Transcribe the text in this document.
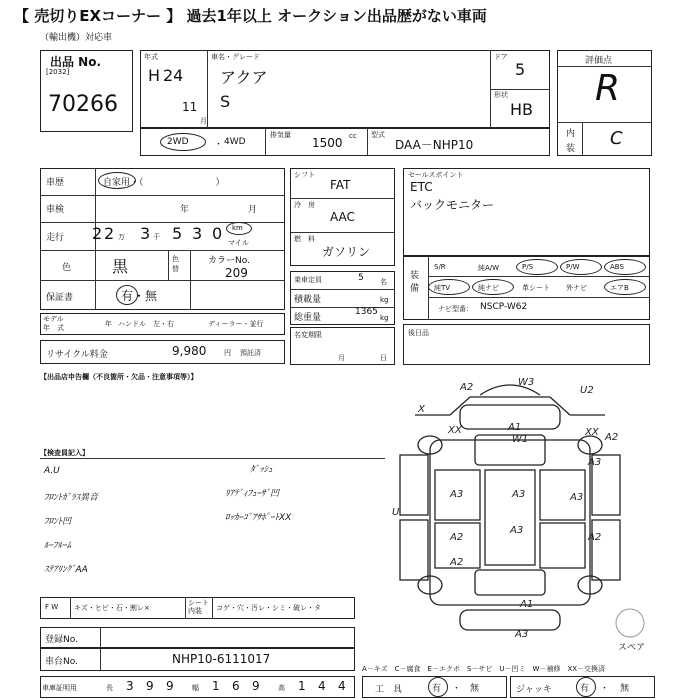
【 売切りEXコーナー 】 過去1年以上 オークション出品歴がない車両
（輸出機）対応車
出品 No.
[2032]
70266
年式
H 24
11
月
車名・グレード
アクア
S
ドア
5
形状
HB
評価点
R
内
装 C
2WD	・ 4WD
排気量
1500 cc 型式
DAA－NHP10
車歴	自家用・（　　　　　　　　）
車検	年	月
走行 2 2 万 3 千 5 3 0 km
マイル
色	黒	色替
カラーNo.
209
保証書	有・無
モデル
年　式	年 ハンドル　左・右	ディーラー・並行
リサイクル料金	9,980	円 預託済
シフト
FAT
冷　房
AAC
燃　料
ガソリン
乗車定員	5 名
積載量	kg
総重量
1365
kg
名変期限
月	日
セールスポイント
ETC
バックモニター
装備
S/R	純A/W	P/S	P/W	ABS
純TV	純ナビ	革シート 外ナビ	エアB
ナビ型番： NSCP-W62
後日品
【出品店申告欄（不良箇所・欠品・注意事項等）】
【検査員記入】
A.U
ﾌﾛﾝﾄｶﾞﾗｽ異音
ﾌﾛﾝﾄ凹
ﾙｰﾌﾙｰﾑ
ｽﾃｱﾘﾝｸﾞAA
ﾀﾞｯｼｭ
ﾘｱﾃﾞｨﾌｭｰｻﾞ凹
ﾛｯｶｰｺﾞｱｻﾎﾟｰﾄXX
A2	W3
U2
X
XX
W1
A1
A2
A3
A3	A3	A3
A3
A2	A2
A2
A1
XX
U
A3
スペア
F W キズ・ヒビ・石・割レ×
シート内装	コゲ・穴・汚レ・シミ・破レ・タ
登録No.
車台No.	NHP10-6111017
車庫証明用	長 3 9 9	幅 1 6 9	高 1 4 4
A－キズ　C－腐食　E－エクボ　S－サビ　U－凹ミ　W－補修　XX－交換済
工　具	有 ・ 無	ジャッキ	有 ・ 無
